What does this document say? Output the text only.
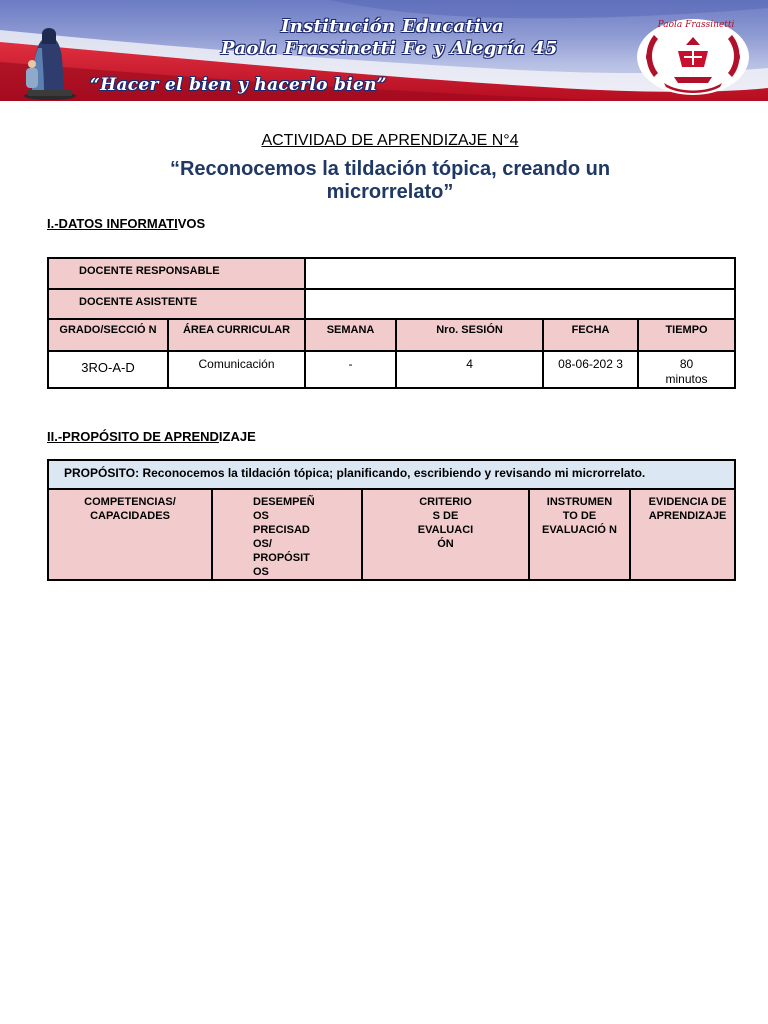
Institución Educativa
Paola Frassinetti Fe y Alegría 45
“Hacer el bien y hacerlo bien”
Paola Frassinetti
ACTIVIDAD DE APRENDIZAJE N°4
“Reconocemos la tildación tópica, creando un microrrelato”
I.-DATOS INFORMATIVOS
DOCENTE RESPONSABLE					
DOCENTE ASISTENTE					
GRADO/SECCIÓ N	ÁREA CURRICULAR	SEMANA	Nro. SESIÓN	FECHA	TIEMPO
3RO-A-D	Comunicación	-	4	08-06-202 3	80 minutos
II.-PROPÓSITO DE APRENDIZAJE
PROPÓSITO: Reconocemos la tildación tópica; planificando, escribiendo y revisando mi microrrelato.
COMPETENCIAS/ CAPACIDADES	DESEMPEÑ OS PRECISAD OS/ PROPÓSIT OS	CRITERIO S DE EVALUACI ÓN	INSTRUMEN TO DE EVALUACIÓ N	EVIDENCIA DE APRENDIZAJE
